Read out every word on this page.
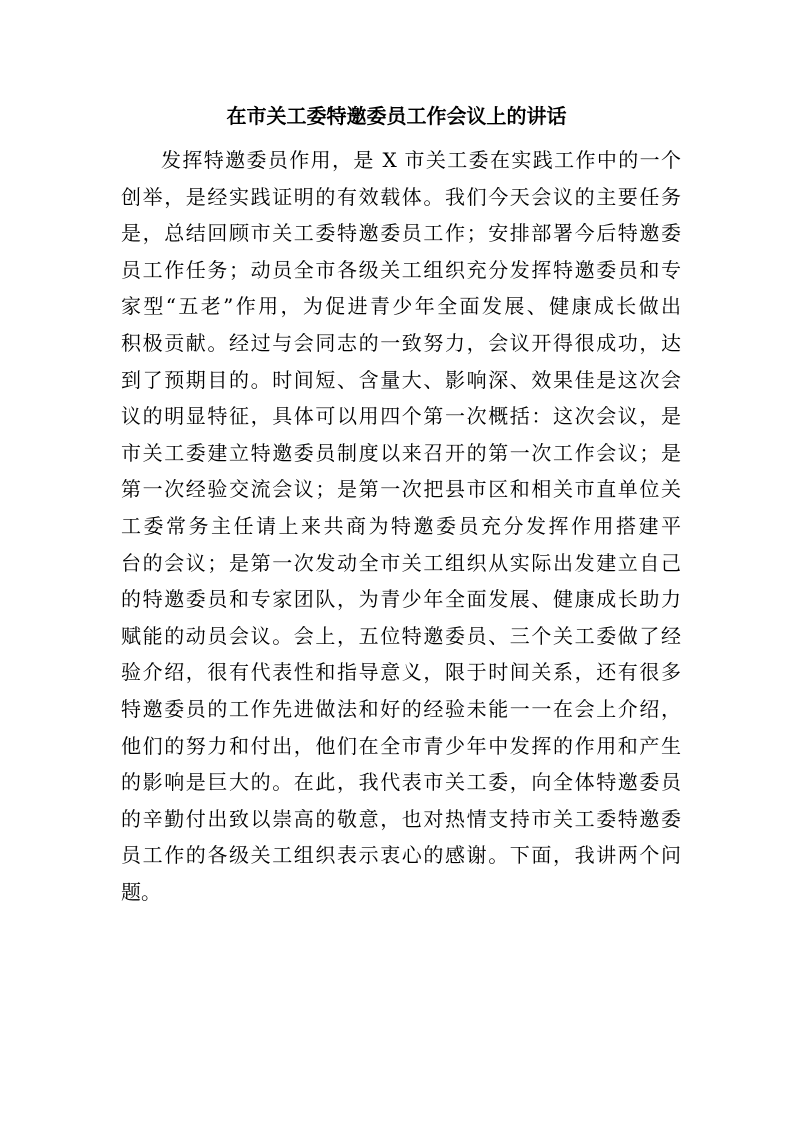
在市关工委特邀委员工作会议上的讲话
发挥特邀委员作用，是 X 市关工委在实践工作中的一个
创举，是经实践证明的有效载体。我们今天会议的主要任务
是，总结回顾市关工委特邀委员工作；安排部署今后特邀委
员工作任务；动员全市各级关工组织充分发挥特邀委员和专
家型“五老”作用，为促进青少年全面发展、健康成长做出
积极贡献。经过与会同志的一致努力，会议开得很成功，达
到了预期目的。时间短、含量大、影响深、效果佳是这次会
议的明显特征，具体可以用四个第一次概括：这次会议，是
市关工委建立特邀委员制度以来召开的第一次工作会议；是
第一次经验交流会议；是第一次把县市区和相关市直单位关
工委常务主任请上来共商为特邀委员充分发挥作用搭建平
台的会议；是第一次发动全市关工组织从实际出发建立自己
的特邀委员和专家团队，为青少年全面发展、健康成长助力
赋能的动员会议。会上，五位特邀委员、三个关工委做了经
验介绍，很有代表性和指导意义，限于时间关系，还有很多
特邀委员的工作先进做法和好的经验未能一一在会上介绍，
他们的努力和付出，他们在全市青少年中发挥的作用和产生
的影响是巨大的。在此，我代表市关工委，向全体特邀委员
的辛勤付出致以崇高的敬意，也对热情支持市关工委特邀委
员工作的各级关工组织表示衷心的感谢。下面，我讲两个问
题。
